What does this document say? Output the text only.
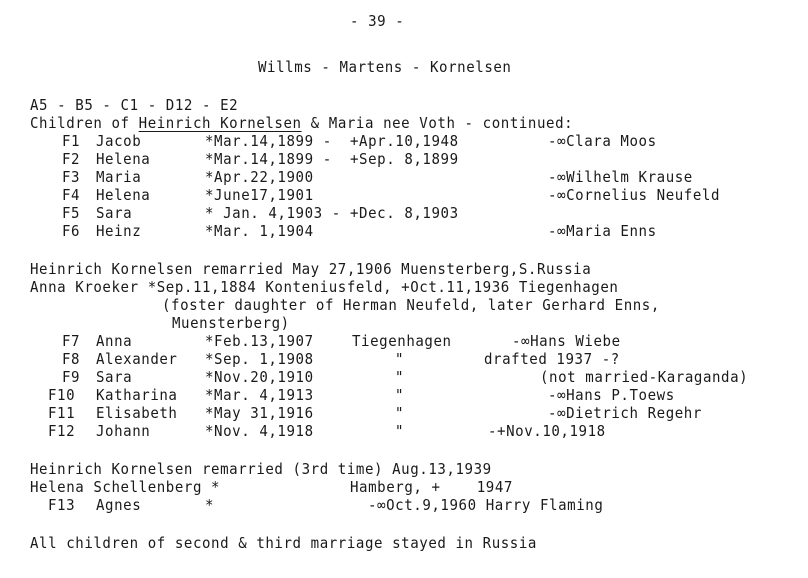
- 39 -
Willms - Martens - Kornelsen
A5 - B5 - C1 - D12 - E2
Children of Heinrich Kornelsen & Maria nee Voth - continued:
F1 Jacob	*Mar.14,1899 - +Apr.10,1948	-∞Clara Moos
F2 Helena	*Mar.14,1899 - +Sep. 8,1899
F3 Maria	*Apr.22,1900	-∞Wilhelm Krause
F4 Helena	*June17,1901	-∞Cornelius Neufeld
F5 Sara	* Jan. 4,1903 - +Dec. 8,1903
F6 Heinz	*Mar. 1,1904	-∞Maria Enns
Heinrich Kornelsen remarried May 27,1906 Muensterberg,S.Russia
Anna Kroeker *Sep.11,1884 Konteniusfeld, +Oct.11,1936 Tiegenhagen
(foster daughter of Herman Neufeld, later Gerhard Enns,
Muensterberg)
F7 Anna	*Feb.13,1907	Tiegenhagen	-∞Hans Wiebe
F8 Alexander *Sep. 1,1908	"	drafted 1937 -?
F9 Sara	*Nov.20,1910	"	(not married-Karaganda)
F10 Katharina *Mar. 4,1913	"	-∞Hans P.Toews
F11 Elisabeth *May 31,1916	"	-∞Dietrich Regehr
F12 Johann	*Nov. 4,1918	"	-+Nov.10,1918
Heinrich Kornelsen remarried (3rd time) Aug.13,1939
Helena Schellenberg *	Hamberg, +    1947
F13 Agnes	*	-∞Oct.9,1960 Harry Flaming
All children of second & third marriage stayed in Russia
